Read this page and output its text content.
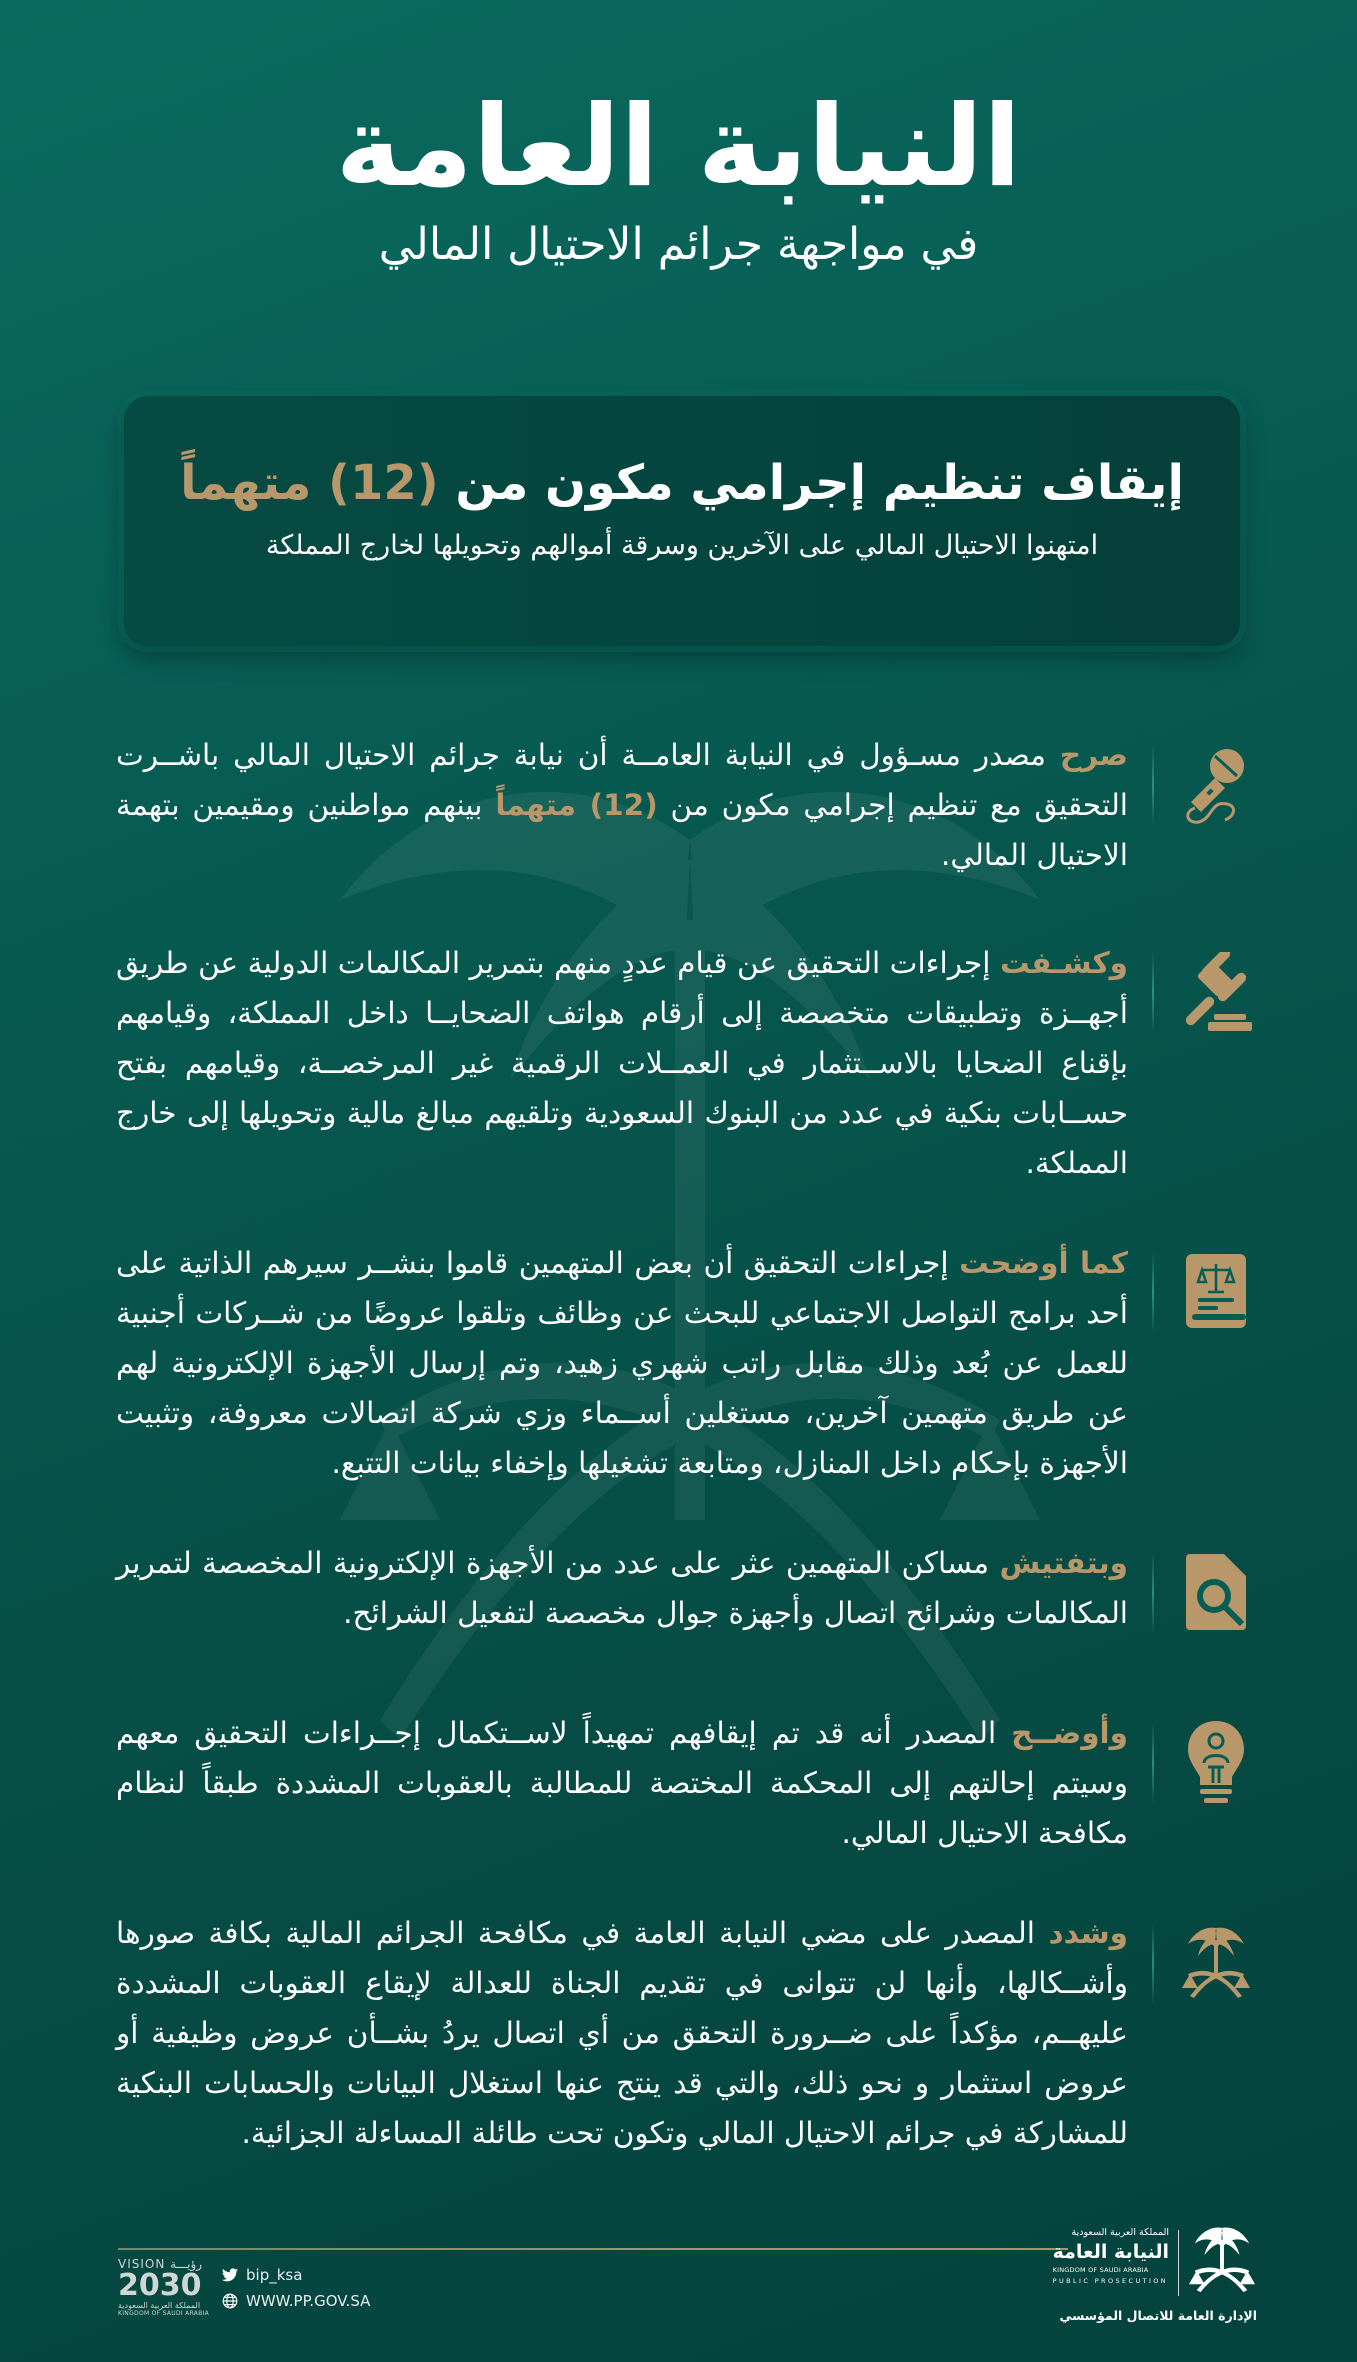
النيابة العامة
في مواجهة جرائم الاحتيال المالي
إيقاف تنظيم إجرامي مكون من (12) متهماً
امتهنوا الاحتيال المالي على الآخرين وسرقة أموالهم وتحويلها لخارج المملكة
صرح مصدر مسـؤول في النيابة العامــة أن نيابة جرائم الاحتيال المالي باشــرت التحقيق مع تنظيم إجرامي مكون من (12) متهماً بينهم مواطنين ومقيمين بتهمة الاحتيال المالي.
وكشـفت إجراءات التحقيق عن قيام عددٍ منهم بتمرير المكالمات الدولية عن طريق أجهــزة وتطبيقات متخصصة إلى أرقام هواتف الضحايــا داخل المملكة، وقيامهم بإقناع الضحايا بالاســتثمار في العمــلات الرقمية غير المرخصــة، وقيامهم بفتح حســابات بنكية في عدد من البنوك السعودية وتلقيهم مبالغ مالية وتحويلها إلى خارج المملكة.
كما أوضحت إجراءات التحقيق أن بعض المتهمين قاموا بنشــر سيرهم الذاتية على أحد برامج التواصل الاجتماعي للبحث عن وظائف وتلقوا عروضًا من شــركات أجنبية للعمل عن بُعد وذلك مقابل راتب شهري زهيد، وتم إرسال الأجهزة الإلكترونية لهم عن طريق متهمين آخرين، مستغلين أســماء وزي شركة اتصالات معروفة، وتثبيت الأجهزة بإحكام داخل المنازل، ومتابعة تشغيلها وإخفاء بيانات التتبع.
وبتفتيش مساكن المتهمين عثر على عدد من الأجهزة الإلكترونية المخصصة لتمرير المكالمات وشرائح اتصال وأجهزة جوال مخصصة لتفعيل الشرائح.
وأوضــح المصدر أنه قد تم إيقافهم تمهيداً لاســتكمال إجــراءات التحقيق معهم وسيتم إحالتهم إلى المحكمة المختصة للمطالبة بالعقوبات المشددة طبقاً لنظام مكافحة الاحتيال المالي.
وشدد المصدر على مضي النيابة العامة في مكافحة الجرائم المالية بكافة صورها وأشــكالها، وأنها لن تتوانى في تقديم الجناة للعدالة لإيقاع العقوبات المشددة عليهــم، مؤكداً على ضــرورة التحقق من أي اتصال يردُ بشــأن عروض وظيفية أو عروض استثمار و نحو ذلك، والتي قد ينتج عنها استغلال البيانات والحسابات البنكية للمشاركة في جرائم الاحتيال المالي وتكون تحت طائلة المساءلة الجزائية.
VISION رؤيـــة
2030
المملكة العربية السعودية
KINGDOM OF SAUDI ARABIA
bip_ksa
WWW.PP.GOV.SA
المملكة العربية السعودية
النيابة العامة
KINGDOM OF SAUDI ARABIA
PUBLIC PROSECUTION
الإدارة العامة للاتصال المؤسسي
